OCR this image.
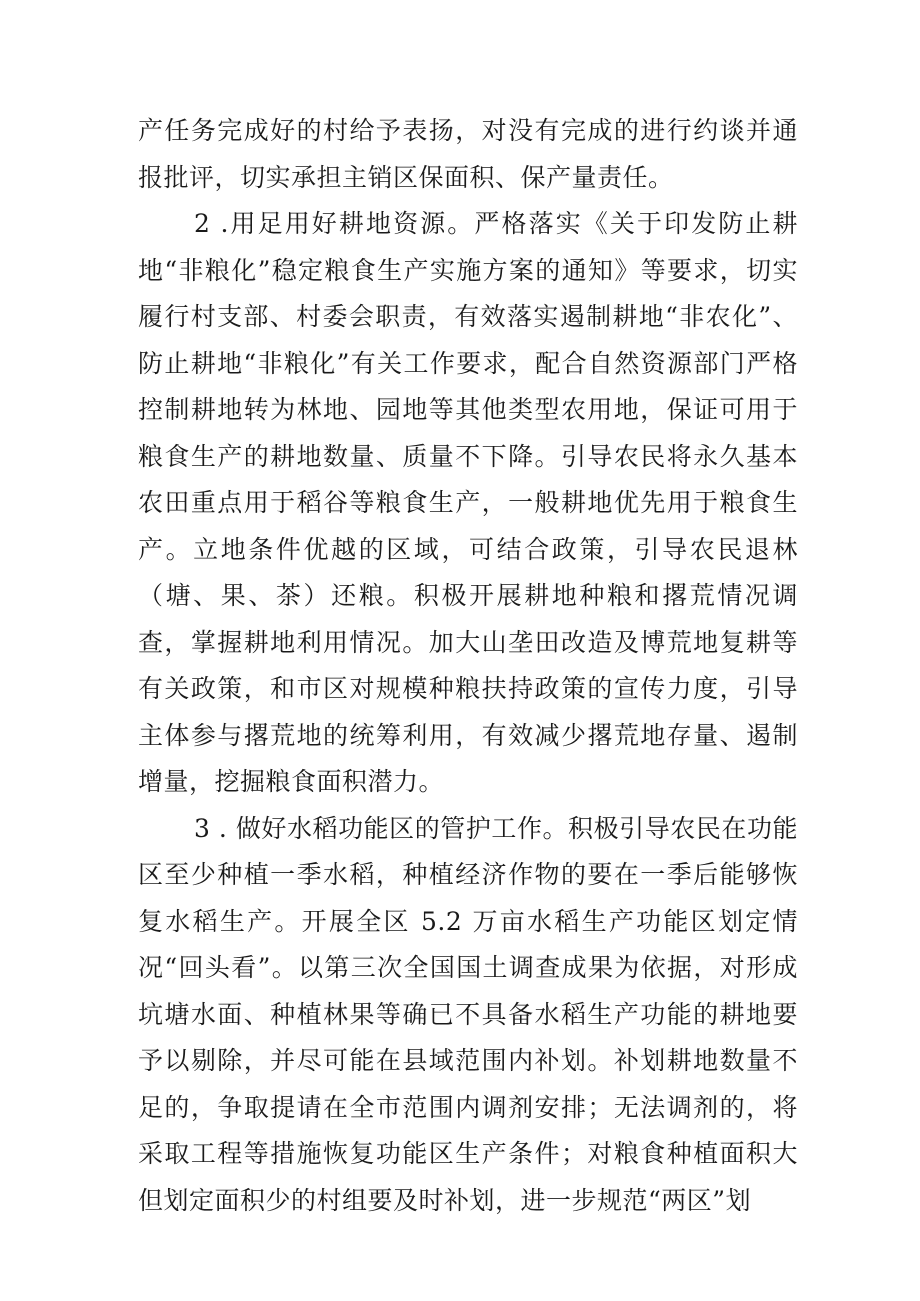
产任务完成好的村给予表扬，对没有完成的进行约谈并通报批评，切实承担主销区保面积、保产量责任。

2 .用足用好耕地资源。严格落实《关于印发防止耕地“非粮化”稳定粮食生产实施方案的通知》等要求，切实履行村支部、村委会职责，有效落实遏制耕地“非农化”、防止耕地“非粮化”有关工作要求，配合自然资源部门严格控制耕地转为林地、园地等其他类型农用地，保证可用于粮食生产的耕地数量、质量不下降。引导农民将永久基本农田重点用于稻谷等粮食生产，一般耕地优先用于粮食生产。立地条件优越的区域，可结合政策，引导农民退林（塘、果、茶）还粮。积极开展耕地种粮和撂荒情况调查，掌握耕地利用情况。加大山垄田改造及博荒地复耕等有关政策，和市区对规模种粮扶持政策的宣传力度，引导主体参与撂荒地的统筹利用，有效减少撂荒地存量、遏制增量，挖掘粮食面积潜力。

3 . 做好水稻功能区的管护工作。积极引导农民在功能区至少种植一季水稻，种植经济作物的要在一季后能够恢复水稻生产。开展全区 5.2 万亩水稻生产功能区划定情况“回头看”。以第三次全国国土调查成果为依据，对形成坑塘水面、种植林果等确已不具备水稻生产功能的耕地要予以剔除，并尽可能在县域范围内补划。补划耕地数量不足的，争取提请在全市范围内调剂安排；无法调剂的，将采取工程等措施恢复功能区生产条件；对粮食种植面积大但划定面积少的村组要及时补划，进一步规范“两区”划
